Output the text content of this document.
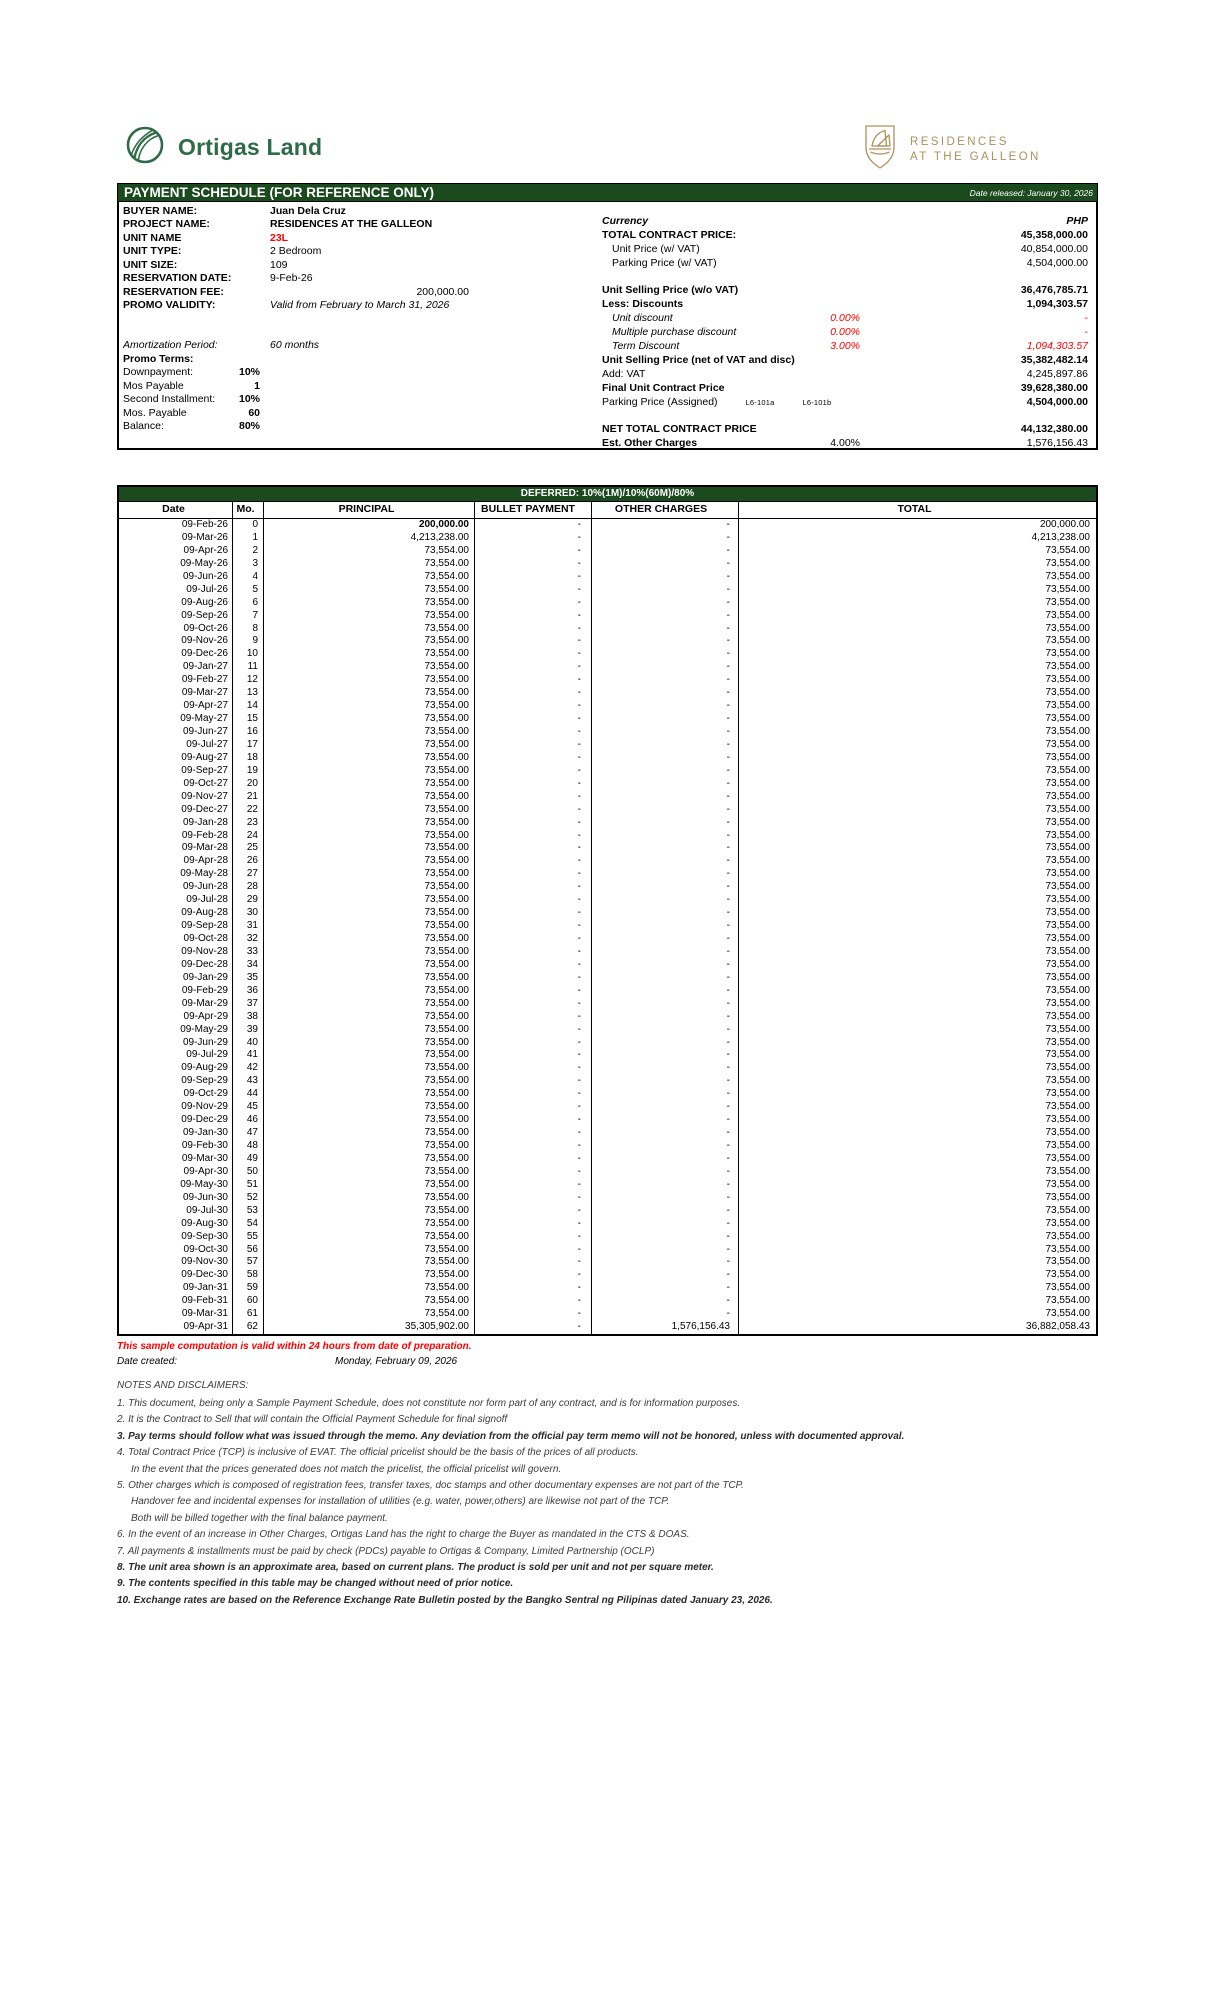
Ortigas Land	RESIDENCES
AT THE GALLEON
PAYMENT SCHEDULE (FOR REFERENCE ONLY)	Date released: January 30, 2026
BUYER NAME:	Juan Dela Cruz
PROJECT NAME:	RESIDENCES AT THE GALLEON
UNIT NAME	23L
UNIT TYPE:	2 Bedroom
UNIT SIZE:	109
RESERVATION DATE:	9-Feb-26
RESERVATION FEE:	200,000.00
PROMO VALIDITY:	Valid from February to March 31, 2026
Amortization Period:	60 months
Promo Terms:
Downpayment:	10%
Mos Payable	1
Second Installment: 10%
Mos. Payable	60
Balance:	80%
Currency	PHP
TOTAL CONTRACT PRICE:	45,358,000.00
Unit Price (w/ VAT)	40,854,000.00
Parking Price (w/ VAT)	4,504,000.00
Unit Selling Price (w/o VAT)	36,476,785.71
Less: Discounts	1,094,303.57
Unit discount	0.00%	-
Multiple purchase discount	0.00%	-
Term Discount	3.00%	1,094,303.57
Unit Selling Price (net of VAT and disc)	35,382,482.14
Add: VAT	4,245,897.86
Final Unit Contract Price	39,628,380.00
Parking Price (Assigned)	L6-101a	L6-101b	4,504,000.00
NET TOTAL CONTRACT PRICE	44,132,380.00
Est. Other Charges	4.00%	1,576,156.43
DEFERRED: 10%(1M)/10%(60M)/80%
Date	Mo.	PRINCIPAL	BULLET PAYMENT	OTHER CHARGES	TOTAL
09-Feb-26	0	200,000.00	-	-	200,000.00
09-Mar-26	1	4,213,238.00	-	-	4,213,238.00
09-Apr-26	2	73,554.00	-	-	73,554.00
09-May-26	3	73,554.00	-	-	73,554.00
09-Jun-26	4	73,554.00	-	-	73,554.00
09-Jul-26	5	73,554.00	-	-	73,554.00
09-Aug-26	6	73,554.00	-	-	73,554.00
09-Sep-26	7	73,554.00	-	-	73,554.00
09-Oct-26	8	73,554.00	-	-	73,554.00
09-Nov-26	9	73,554.00	-	-	73,554.00
09-Dec-26	10	73,554.00	-	-	73,554.00
09-Jan-27	11	73,554.00	-	-	73,554.00
09-Feb-27	12	73,554.00	-	-	73,554.00
09-Mar-27	13	73,554.00	-	-	73,554.00
09-Apr-27	14	73,554.00	-	-	73,554.00
09-May-27	15	73,554.00	-	-	73,554.00
09-Jun-27	16	73,554.00	-	-	73,554.00
09-Jul-27	17	73,554.00	-	-	73,554.00
09-Aug-27	18	73,554.00	-	-	73,554.00
09-Sep-27	19	73,554.00	-	-	73,554.00
09-Oct-27	20	73,554.00	-	-	73,554.00
09-Nov-27	21	73,554.00	-	-	73,554.00
09-Dec-27	22	73,554.00	-	-	73,554.00
09-Jan-28	23	73,554.00	-	-	73,554.00
09-Feb-28	24	73,554.00	-	-	73,554.00
09-Mar-28	25	73,554.00	-	-	73,554.00
09-Apr-28	26	73,554.00	-	-	73,554.00
09-May-28	27	73,554.00	-	-	73,554.00
09-Jun-28	28	73,554.00	-	-	73,554.00
09-Jul-28	29	73,554.00	-	-	73,554.00
09-Aug-28	30	73,554.00	-	-	73,554.00
09-Sep-28	31	73,554.00	-	-	73,554.00
09-Oct-28	32	73,554.00	-	-	73,554.00
09-Nov-28	33	73,554.00	-	-	73,554.00
09-Dec-28	34	73,554.00	-	-	73,554.00
09-Jan-29	35	73,554.00	-	-	73,554.00
09-Feb-29	36	73,554.00	-	-	73,554.00
09-Mar-29	37	73,554.00	-	-	73,554.00
09-Apr-29	38	73,554.00	-	-	73,554.00
09-May-29	39	73,554.00	-	-	73,554.00
09-Jun-29	40	73,554.00	-	-	73,554.00
09-Jul-29	41	73,554.00	-	-	73,554.00
09-Aug-29	42	73,554.00	-	-	73,554.00
09-Sep-29	43	73,554.00	-	-	73,554.00
09-Oct-29	44	73,554.00	-	-	73,554.00
09-Nov-29	45	73,554.00	-	-	73,554.00
09-Dec-29	46	73,554.00	-	-	73,554.00
09-Jan-30	47	73,554.00	-	-	73,554.00
09-Feb-30	48	73,554.00	-	-	73,554.00
09-Mar-30	49	73,554.00	-	-	73,554.00
09-Apr-30	50	73,554.00	-	-	73,554.00
09-May-30	51	73,554.00	-	-	73,554.00
09-Jun-30	52	73,554.00	-	-	73,554.00
09-Jul-30	53	73,554.00	-	-	73,554.00
09-Aug-30	54	73,554.00	-	-	73,554.00
09-Sep-30	55	73,554.00	-	-	73,554.00
09-Oct-30	56	73,554.00	-	-	73,554.00
09-Nov-30	57	73,554.00	-	-	73,554.00
09-Dec-30	58	73,554.00	-	-	73,554.00
09-Jan-31	59	73,554.00	-	-	73,554.00
09-Feb-31	60	73,554.00	-	-	73,554.00
09-Mar-31	61	73,554.00	-	-	73,554.00
09-Apr-31	62	35,305,902.00	-	1,576,156.43	36,882,058.43
This sample computation is valid within 24 hours from date of preparation.
Date created:	Monday, February 09, 2026
NOTES AND DISCLAIMERS:
1. This document, being only a Sample Payment Schedule, does not constitute nor form part of any contract, and is for information purposes.
2. It is the Contract to Sell that will contain the Official Payment Schedule for final signoff
3. Pay terms should follow what was issued through the memo. Any deviation from the official pay term memo will not be honored, unless with documented approval.
4. Total Contract Price (TCP) is inclusive of EVAT. The official pricelist should be the basis of the prices of all products.
In the event that the prices generated does not match the pricelist, the official pricelist will govern.
5. Other charges which is composed of registration fees, transfer taxes, doc stamps and other documentary expenses are not part of the TCP.
Handover fee and incidental expenses for installation of utilities (e.g. water, power,others) are likewise not part of the TCP.
Both will be billed together with the final balance payment.
6. In the event of an increase in Other Charges, Ortigas Land has the right to charge the Buyer as mandated in the CTS & DOAS.
7. All payments & installments must be paid by check (PDCs) payable to Ortigas & Company, Limited Partnership (OCLP)
8. The unit area shown is an approximate area, based on current plans. The product is sold per unit and not per square meter.
9. The contents specified in this table may be changed without need of prior notice.
10. Exchange rates are based on the Reference Exchange Rate Bulletin posted by the Bangko Sentral ng Pilipinas dated January 23, 2026.
